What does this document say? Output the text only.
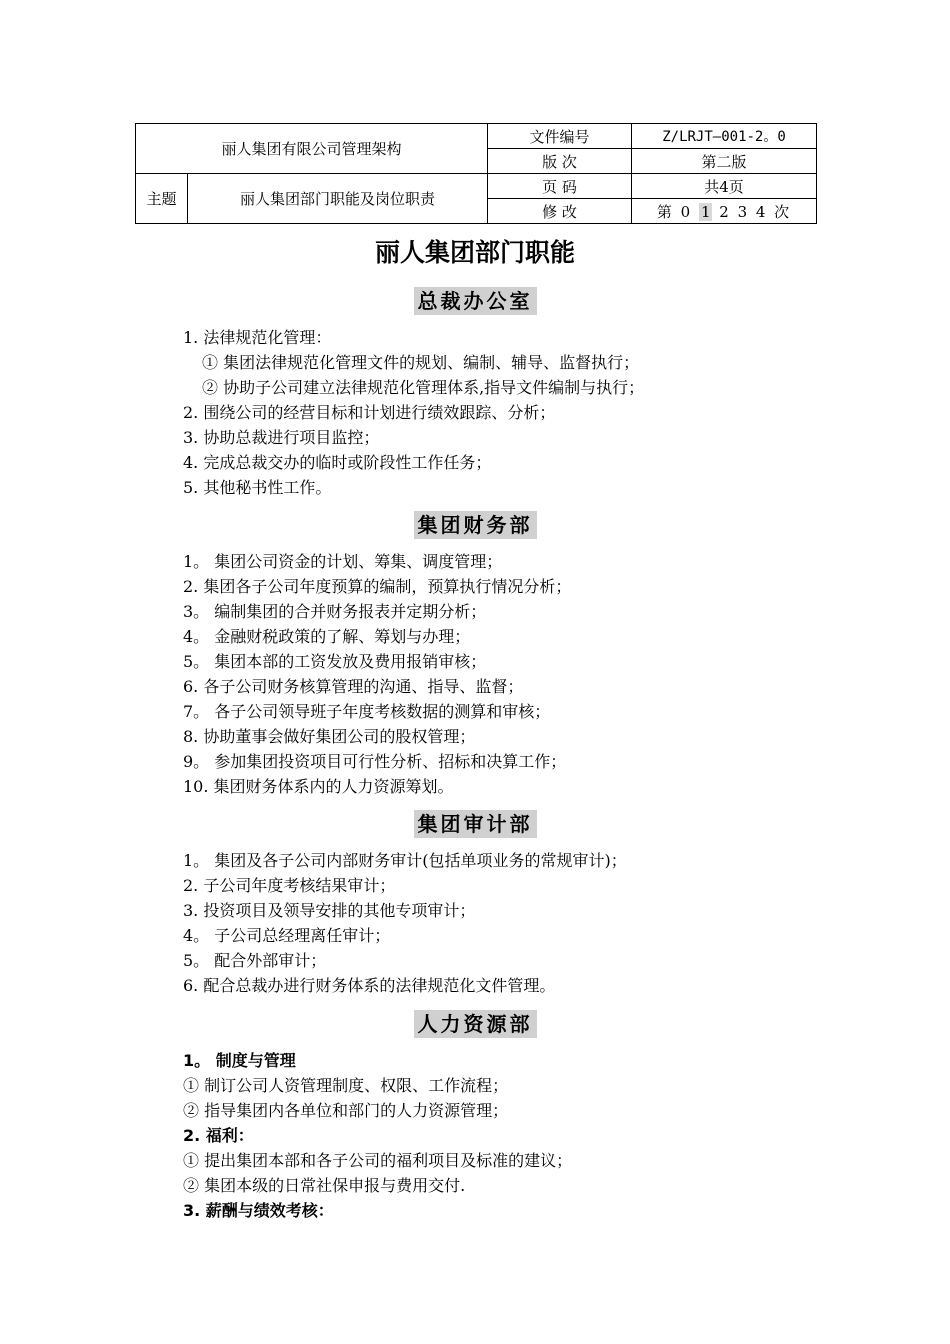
丽人集团有限公司管理架构		文件编号	Z/LRJT—001-2。0
		版 次	第二版
主题	丽人集团部门职能及岗位职责	页 码	共4页
		修 改	第 0 1 2 3 4 次
丽人集团部门职能
总裁办公室
1. 法律规范化管理：
① 集团法律规范化管理文件的规划、编制、辅导、监督执行；
② 协助子公司建立法律规范化管理体系,指导文件编制与执行；
2. 围绕公司的经营目标和计划进行绩效跟踪、分析；
3. 协助总裁进行项目监控；
4. 完成总裁交办的临时或阶段性工作任务；
5. 其他秘书性工作。
集团财务部
1。 集团公司资金的计划、筹集、调度管理；
2. 集团各子公司年度预算的编制，预算执行情况分析；
3。 编制集团的合并财务报表并定期分析；
4。 金融财税政策的了解、筹划与办理；
5。 集团本部的工资发放及费用报销审核；
6. 各子公司财务核算管理的沟通、指导、监督；
7。 各子公司领导班子年度考核数据的测算和审核；
8. 协助董事会做好集团公司的股权管理；
9。 参加集团投资项目可行性分析、招标和决算工作；
10. 集团财务体系内的人力资源筹划。
集团审计部
1。 集团及各子公司内部财务审计(包括单项业务的常规审计)；
2. 子公司年度考核结果审计；
3. 投资项目及领导安排的其他专项审计；
4。 子公司总经理离任审计；
5。 配合外部审计；
6. 配合总裁办进行财务体系的法律规范化文件管理。
人力资源部
1。 制度与管理
① 制订公司人资管理制度、权限、工作流程；
② 指导集团内各单位和部门的人力资源管理；
2. 福利：
① 提出集团本部和各子公司的福利项目及标准的建议；
② 集团本级的日常社保申报与费用交付.
3. 薪酬与绩效考核：
